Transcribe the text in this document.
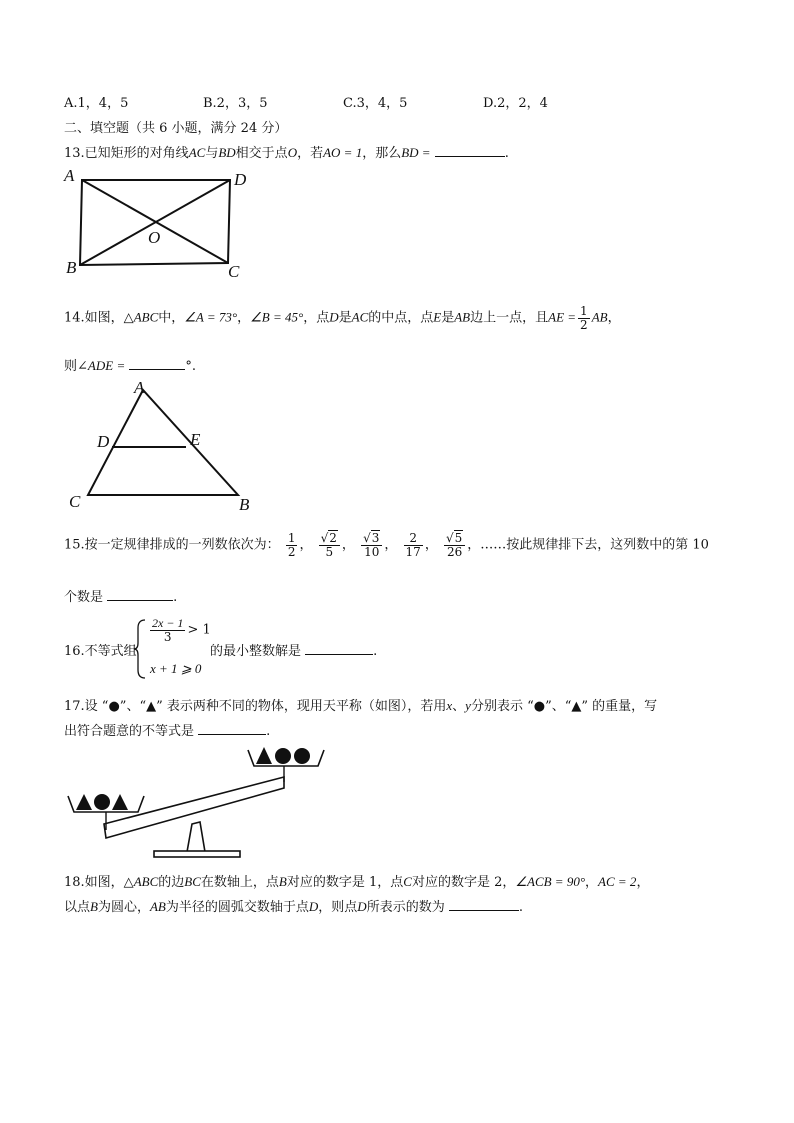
A.1，4，5	B.2，3，5	C.3，4，5	D.2，2，4
二、填空题（共 6 小题，满分 24 分）
13.已知矩形的对角线AC与BD相交于点O，若AO = 1，那么BD =	.
A	D
B	C
O
14.如图，△ABC中，∠A = 73°，∠B = 45°，点D是AC的中点，点E是AB边上一点，且AE = $\frac{1}{2}$ AB，
则∠ADE =	°.
A
D	E
C	B
15.按一定规律排成的一列数依次为： $\frac{1}{2}$ ， $\frac{√2}{5}$ ， $\frac{√3}{10}$ ， $\frac{2}{17}$ ， $\frac{√5}{26}$ ，……按此规律排下去，这列数中的第 10
个数是	.
16.不等式组
$\frac{2x - 1}{3} > 1$
x + 1 ⩾ 0
的最小整数解是	.
17.设 “●”、“▲” 表示两种不同的物体，现用天平称（如图），若用x、y分别表示 “●”、“▲” 的重量，写
出符合题意的不等式是	.
18.如图，△ABC的边BC在数轴上，点B对应的数字是 1，点C对应的数字是 2，∠ACB = 90°，AC = 2，
以点B为圆心，AB为半径的圆弧交数轴于点D，则点D所表示的数为	.
